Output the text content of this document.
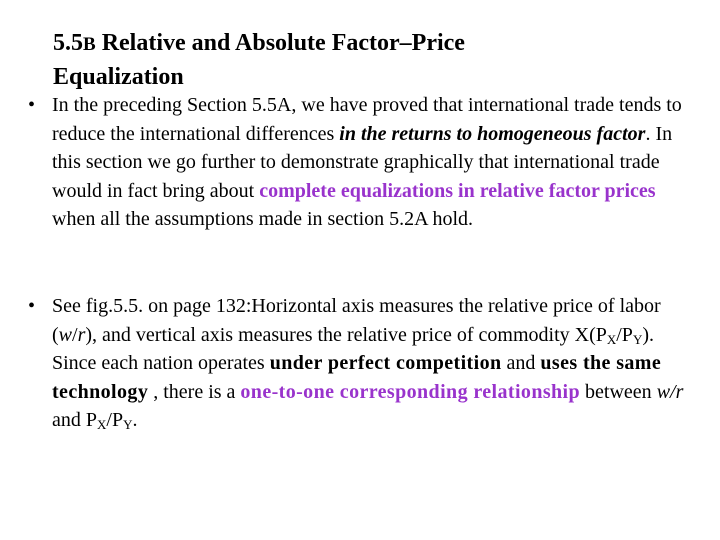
5.5B Relative and Absolute Factor–Price
Equalization
• In the preceding Section 5.5A, we have proved that international trade tends to reduce the international differences in the returns to homogeneous factor. In this section we go further to demonstrate graphically that international trade would in fact bring about complete equalizations in relative factor prices when all the assumptions made in section 5.2A hold.
• See fig.5.5. on page 132:Horizontal axis measures the relative price of labor (w/r), and vertical axis measures the relative price of commodity $X(P_X/P_Y)$. Since each nation operates under perfect competition and uses the same technology , there is a one-to-one corresponding relationship between w/r and $P_X/P_Y$.
